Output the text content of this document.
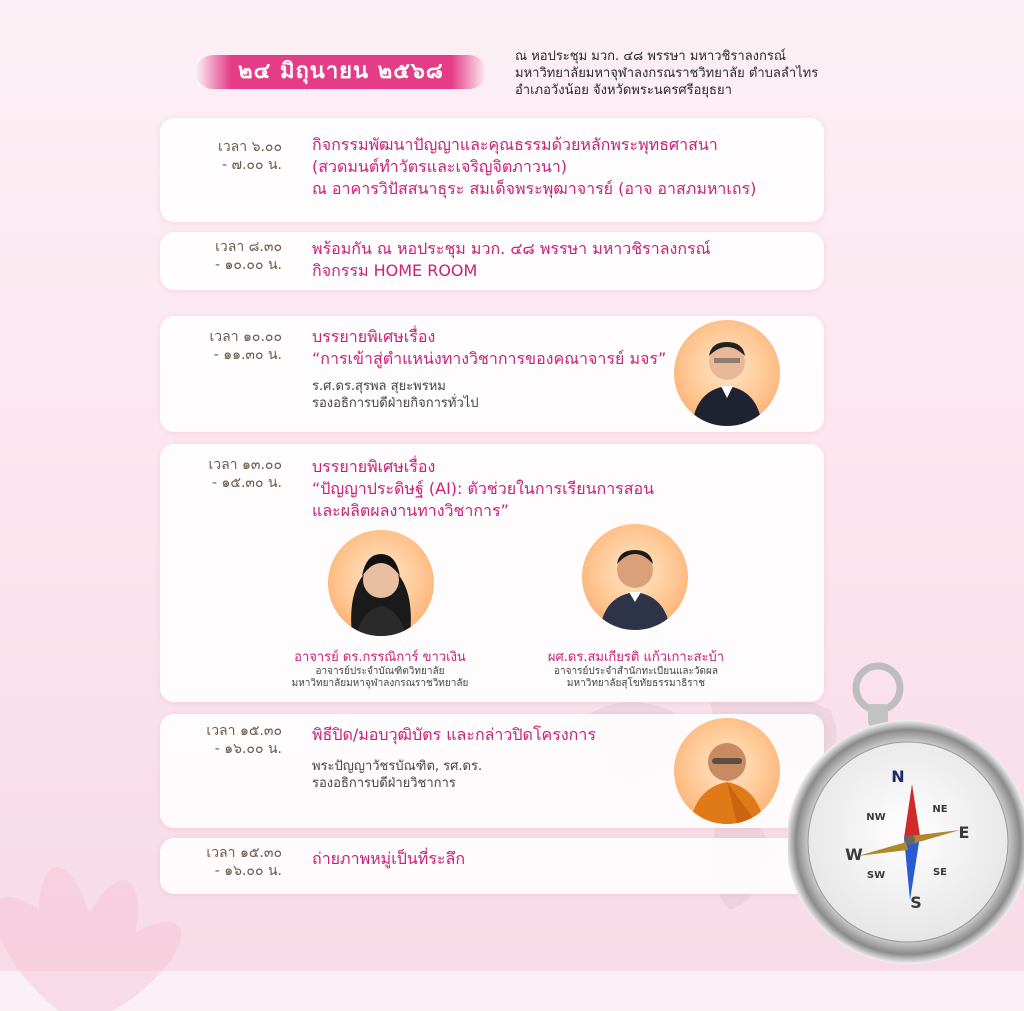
๒๔ มิถุนายน ๒๕๖๘
ณ หอประชุม มวก. ๔๘ พรรษา มหาวชิราลงกรณ์
มหาวิทยาลัยมหาจุฬาลงกรณราชวิทยาลัย ตำบลลำไทร
อำเภอวังน้อย จังหวัดพระนครศรีอยุธยา
เวลา ๖.๐๐
- ๗.๐๐ น.
กิจกรรมพัฒนาปัญญาและคุณธรรมด้วยหลักพระพุทธศาสนา
(สวดมนต์ทำวัตรและเจริญจิตภาวนา)
ณ อาคารวิปัสสนาธุระ สมเด็จพระพุฒาจารย์ (อาจ อาสภมหาเถร)
เวลา ๘.๓๐
- ๑๐.๐๐ น.
พร้อมกัน ณ หอประชุม มวก. ๔๘ พรรษา มหาวชิราลงกรณ์
กิจกรรม HOME ROOM
เวลา ๑๐.๐๐
- ๑๑.๓๐ น.
บรรยายพิเศษเรื่อง
“การเข้าสู่ตำแหน่งทางวิชาการของคณาจารย์ มจร”
ร.ศ.ดร.สุรพล สุยะพรหม
รองอธิการบดีฝ่ายกิจการทั่วไป
เวลา ๑๓.๐๐
- ๑๕.๓๐ น.
บรรยายพิเศษเรื่อง
“ปัญญาประดิษฐ์ (AI): ตัวช่วยในการเรียนการสอน
และผลิตผลงานทางวิชาการ”
อาจารย์ ดร.กรรณิการ์ ขาวเงิน
อาจารย์ประจำบัณฑิตวิทยาลัย
มหาวิทยาลัยมหาจุฬาลงกรณราชวิทยาลัย
ผศ.ดร.สมเกียรติ แก้วเกาะสะบ้า
อาจารย์ประจำสำนักทะเบียนและวัดผล
มหาวิทยาลัยสุโขทัยธรรมาธิราช
เวลา ๑๕.๓๐
- ๑๖.๐๐ น.
พิธีปิด/มอบวุฒิบัตร และกล่าวปิดโครงการ
พระปัญญาวัชรบัณฑิต, รศ.ดร.
รองอธิการบดีฝ่ายวิชาการ
เวลา ๑๕.๓๐
- ๑๖.๐๐ น.
ถ่ายภาพหมู่เป็นที่ระลึก
N
NE
E
SE
S
SW
W
NW
